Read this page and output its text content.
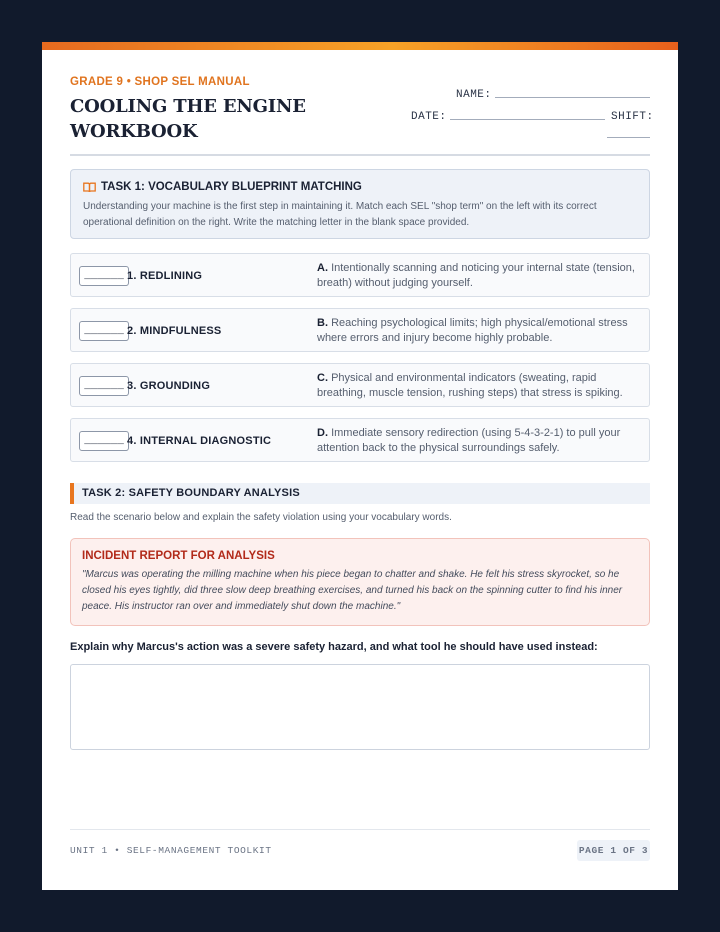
GRADE 9 • SHOP SEL MANUAL
COOLING THE ENGINE WORKBOOK
NAME:
DATE:	SHIFT:
TASK 1: VOCABULARY BLUEPRINT MATCHING
Understanding your machine is the first step in maintaining it. Match each SEL "shop term" on the left with its correct operational definition on the right. Write the matching letter in the blank space provided.
______ 1. REDLINING
A. Intentionally scanning and noticing your internal state (tension, breath) without judging yourself.
______ 2. MINDFULNESS
B. Reaching psychological limits; high physical/emotional stress where errors and injury become highly probable.
______ 3. GROUNDING
C. Physical and environmental indicators (sweating, rapid breathing, muscle tension, rushing steps) that stress is spiking.
______ 4. INTERNAL DIAGNOSTIC
D. Immediate sensory redirection (using 5-4-3-2-1) to pull your attention back to the physical surroundings safely.
TASK 2: SAFETY BOUNDARY ANALYSIS
Read the scenario below and explain the safety violation using your vocabulary words.
INCIDENT REPORT FOR ANALYSIS
"Marcus was operating the milling machine when his piece began to chatter and shake. He felt his stress skyrocket, so he closed his eyes tightly, did three slow deep breathing exercises, and turned his back on the spinning cutter to find his inner peace. His instructor ran over and immediately shut down the machine."
Explain why Marcus's action was a severe safety hazard, and what tool he should have used instead:
UNIT 1 • SELF-MANAGEMENT TOOLKIT	PAGE 1 OF 3
